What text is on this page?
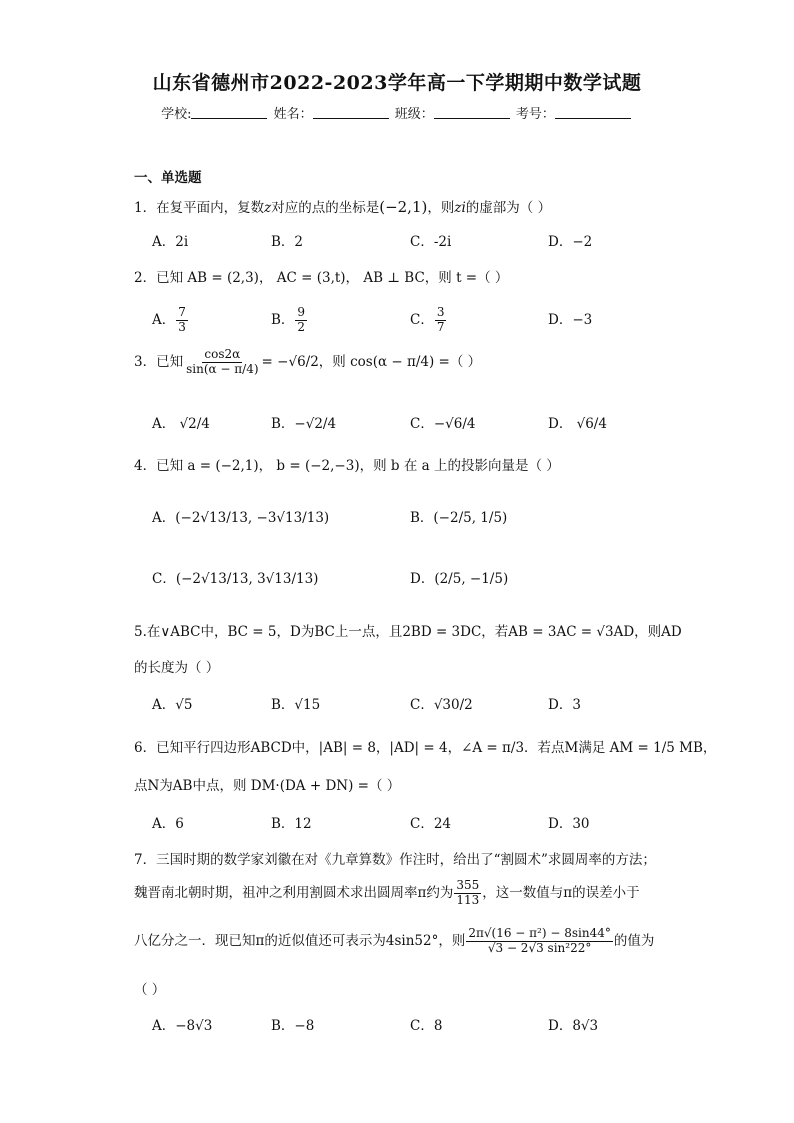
山东省德州市2022-2023学年高一下学期期中数学试题
学校:	姓名：	班级：	考号：
一、单选题
1．在复平面内，复数z对应的点的坐标是(−2,1)，则zi的虚部为（ ）
A．2i	B．2	C．-2i	D．−2
2．已知 AB = (2,3)， AC = (3,t)， AB ⊥ BC，则 t =（ ）
A． $\frac{7}{3}$	B． $\frac{9}{2}$	C． $\frac{3}{7}$	D．−3
3．已知 $\frac{\cos 2\alpha}{\sin(\alpha - \pi/4)} = -√6/2$ ，则 cos(α − π/4) =（ ）
A． √2/4	B．−√2/4	C．−√6/4	D． √6/4
4．已知 a = (−2,1)， b = (−2,−3)，则 b 在 a 上的投影向量是（ ）
A．(−2√13/13, −3√13/13)	B．(−2/5, 1/5)
C．(−2√13/13, 3√13/13)	D．(2/5, −1/5)
5.在∨ABC中，BC = 5，D为BC上一点，且2BD = 3DC，若AB = 3AC = √3AD，则AD
的长度为（ ）
A．√5	B．√15	C．√30/2	D．3
6．已知平行四边形ABCD中，|AB| = 8，|AD| = 4，∠A = π/3．若点M满足 AM = 1/5 MB，
点N为AB中点，则 DM·(DA + DN) =（ ）
A．6	B．12	C．24	D．30
7．三国时期的数学家刘徽在对《九章算数》作注时，给出了“割圆术”求圆周率的方法；
魏晋南北朝时期，祖冲之利用割圆术求出圆周率π约为 $\frac{355}{113}$ ，这一数值与π的误差小于
八亿分之一．现已知π的近似值还可表示为4sin52°，则 $\frac{\text{2π√(16 − π²) − 8sin44°}}{\text{√3 − 2√3 sin²22°}}$ 的值为
（ ）
A．−8√3	B．−8	C．8	D．8√3
